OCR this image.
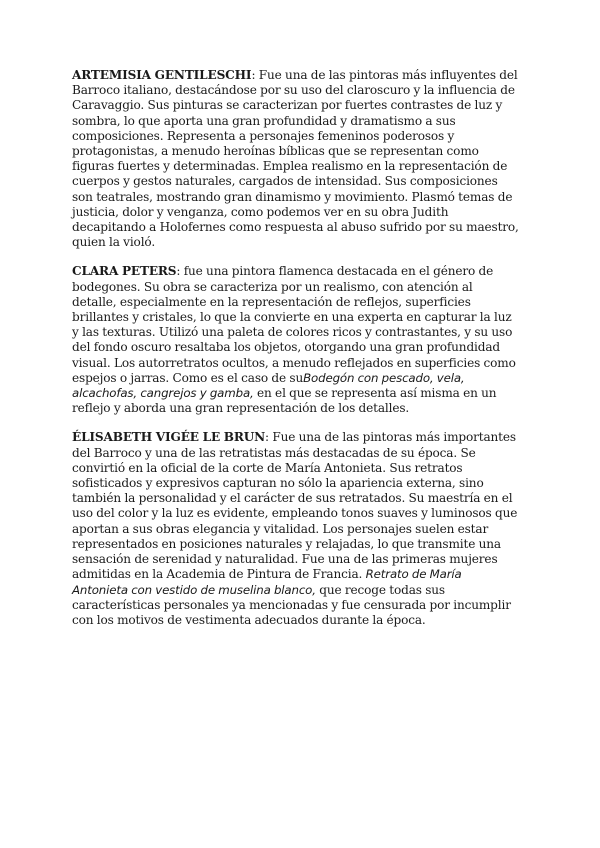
ARTEMISIA GENTILESCHI: Fue una de las pintoras más influyentes del Barroco italiano, destacándose por su uso del claroscuro y la influencia de Caravaggio. Sus pinturas se caracterizan por fuertes contrastes de luz y sombra, lo que aporta una gran profundidad y dramatismo a sus composiciones. Representa a personajes femeninos poderosos y protagonistas, a menudo heroínas bíblicas que se representan como figuras fuertes y determinadas. Emplea realismo en la representación de cuerpos y gestos naturales, cargados de intensidad. Sus composiciones son teatrales, mostrando gran dinamismo y movimiento. Plasmó temas de justicia, dolor y venganza, como podemos ver en su obra Judith decapitando a Holofernes como respuesta al abuso sufrido por su maestro, quien la violó.

CLARA PETERS: fue una pintora flamenca destacada en el género de bodegones. Su obra se caracteriza por un realismo, con atención al detalle, especialmente en la representación de reflejos, superficies brillantes y cristales, lo que la convierte en una experta en capturar la luz y las texturas. Utilizó una paleta de colores ricos y contrastantes, y su uso del fondo oscuro resaltaba los objetos, otorgando una gran profundidad visual. Los autorretratos ocultos, a menudo reflejados en superficies como espejos o jarras. Como es el caso de suBodegón con pescado, vela, alcachofas, cangrejos y gamba, en el que se representa así misma en un reflejo y aborda una gran representación de los detalles.

ÉLISABETH VIGÉE LE BRUN: Fue una de las pintoras más importantes del Barroco y una de las retratistas más destacadas de su época. Se convirtió en la oficial de la corte de María Antonieta. Sus retratos sofisticados y expresivos capturan no sólo la apariencia externa, sino también la personalidad y el carácter de sus retratados. Su maestría en el uso del color y la luz es evidente, empleando tonos suaves y luminosos que aportan a sus obras elegancia y vitalidad. Los personajes suelen estar representados en posiciones naturales y relajadas, lo que transmite una sensación de serenidad y naturalidad. Fue una de las primeras mujeres admitidas en la Academia de Pintura de Francia. Retrato de María Antonieta con vestido de muselina blanco, que recoge todas sus características personales ya mencionadas y fue censurada por incumplir con los motivos de vestimenta adecuados durante la época.
